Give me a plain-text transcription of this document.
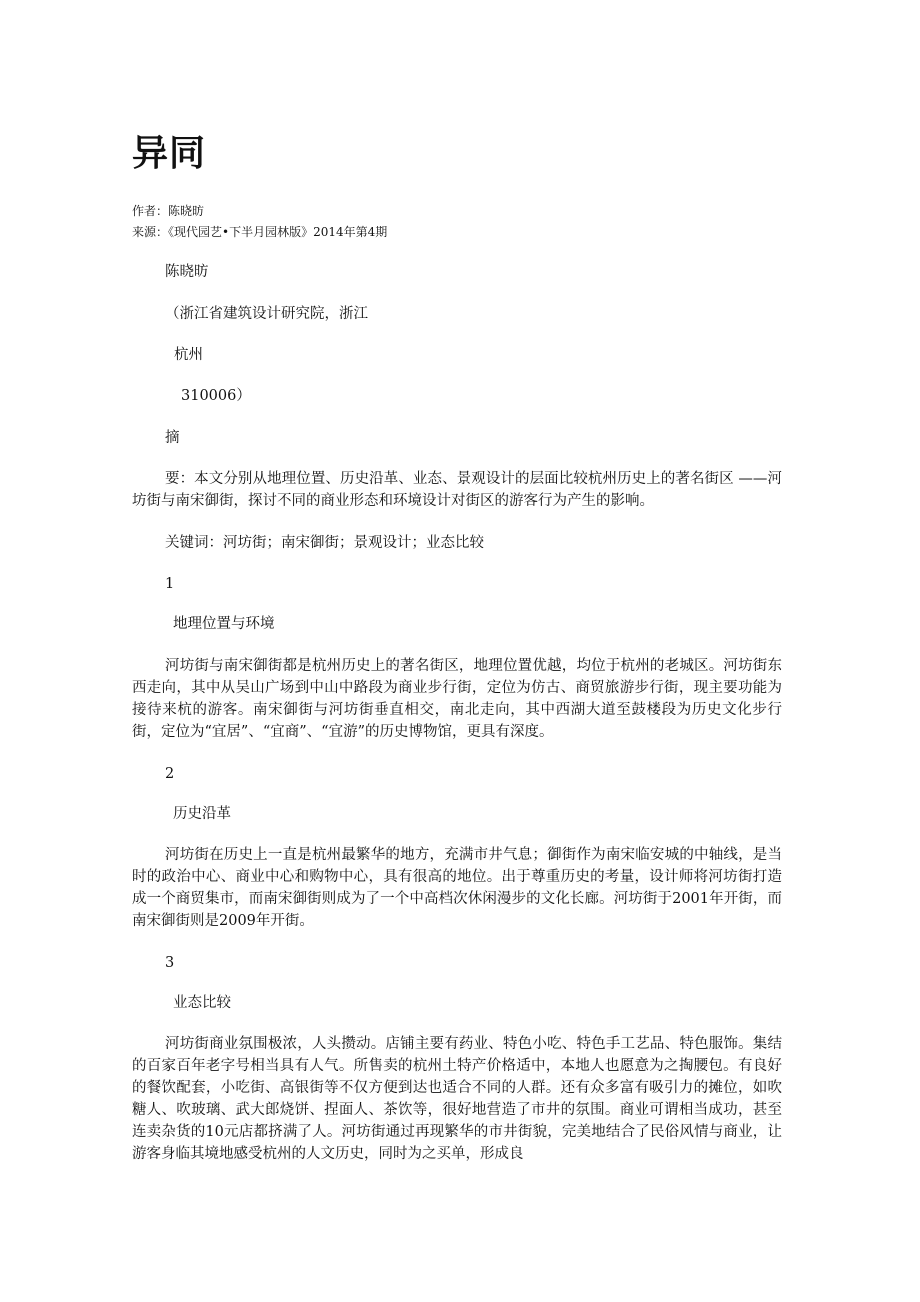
异同
作者：陈晓昉
来源：《现代园艺•下半月园林版》2014年第4期
陈晓昉
（浙江省建筑设计研究院，浙江
杭州
310006）
摘

要：本文分别从地理位置、历史沿革、业态、景观设计的层面比较杭州历史上的著名街区 ——河坊街与南宋御街，探讨不同的商业形态和环境设计对街区的游客行为产生的影响。

关键词：河坊街；南宋御街；景观设计；业态比较
1
地理位置与环境

河坊街与南宋御街都是杭州历史上的著名街区，地理位置优越，均位于杭州的老城区。河坊街东西走向，其中从吴山广场到中山中路段为商业步行街，定位为仿古、商贸旅游步行街，现主要功能为接待来杭的游客。南宋御街与河坊街垂直相交，南北走向，其中西湖大道至鼓楼段为历史文化步行街，定位为“宜居”、“宜商”、“宜游”的历史博物馆，更具有深度。

2
历史沿革

河坊街在历史上一直是杭州最繁华的地方，充满市井气息；御街作为南宋临安城的中轴线，是当时的政治中心、商业中心和购物中心，具有很高的地位。出于尊重历史的考量，设计师将河坊街打造成一个商贸集市，而南宋御街则成为了一个中高档次休闲漫步的文化长廊。河坊街于2001年开街，而南宋御街则是2009年开街。

3
业态比较

河坊街商业氛围极浓，人头攒动。店铺主要有药业、特色小吃、特色手工艺品、特色服饰。集结的百家百年老字号相当具有人气。所售卖的杭州土特产价格适中，本地人也愿意为之掏腰包。有良好的餐饮配套，小吃街、高银街等不仅方便到达也适合不同的人群。还有众多富有吸引力的摊位，如吹糖人、吹玻璃、武大郎烧饼、捏面人、茶饮等，很好地营造了市井的氛围。商业可谓相当成功，甚至连卖杂货的10元店都挤满了人。河坊街通过再现繁华的市井街貌，完美地结合了民俗风情与商业，让游客身临其境地感受杭州的人文历史，同时为之买单，形成良
